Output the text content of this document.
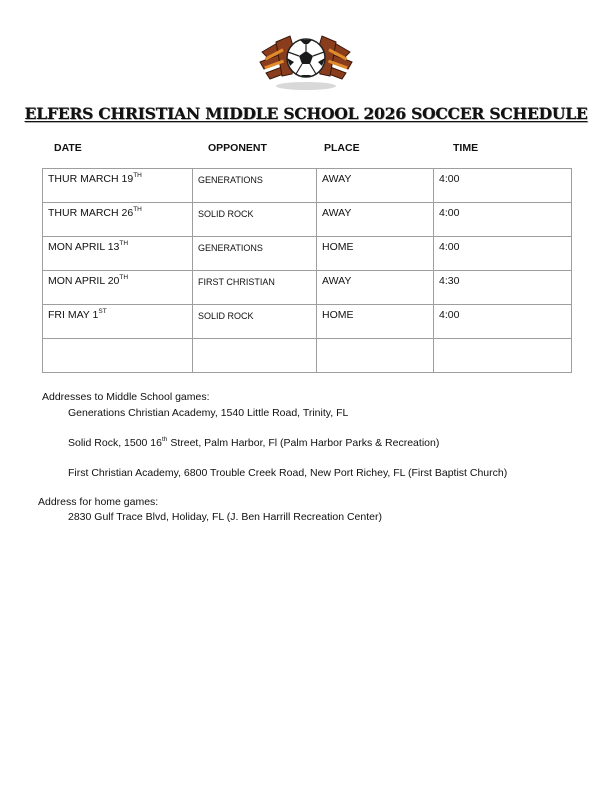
ELFERS CHRISTIAN MIDDLE SCHOOL 2026 SOCCER SCHEDULE
DATE	OPPONENT	PLACE	TIME
THUR MARCH 19TH	GENERATIONS	AWAY	4:00
THUR MARCH 26TH	SOLID ROCK	AWAY	4:00
MON APRIL 13TH	GENERATIONS	HOME	4:00
MON APRIL 20TH	FIRST CHRISTIAN	AWAY	4:30
FRI MAY 1ST	SOLID ROCK	HOME	4:00

Addresses to Middle School games:
Generations Christian Academy, 1540 Little Road, Trinity, FL
Solid Rock, 1500 16th Street, Palm Harbor, Fl (Palm Harbor Parks & Recreation)
First Christian Academy, 6800 Trouble Creek Road, New Port Richey, FL (First Baptist Church)
Address for home games:
2830 Gulf Trace Blvd, Holiday, FL (J. Ben Harrill Recreation Center)
